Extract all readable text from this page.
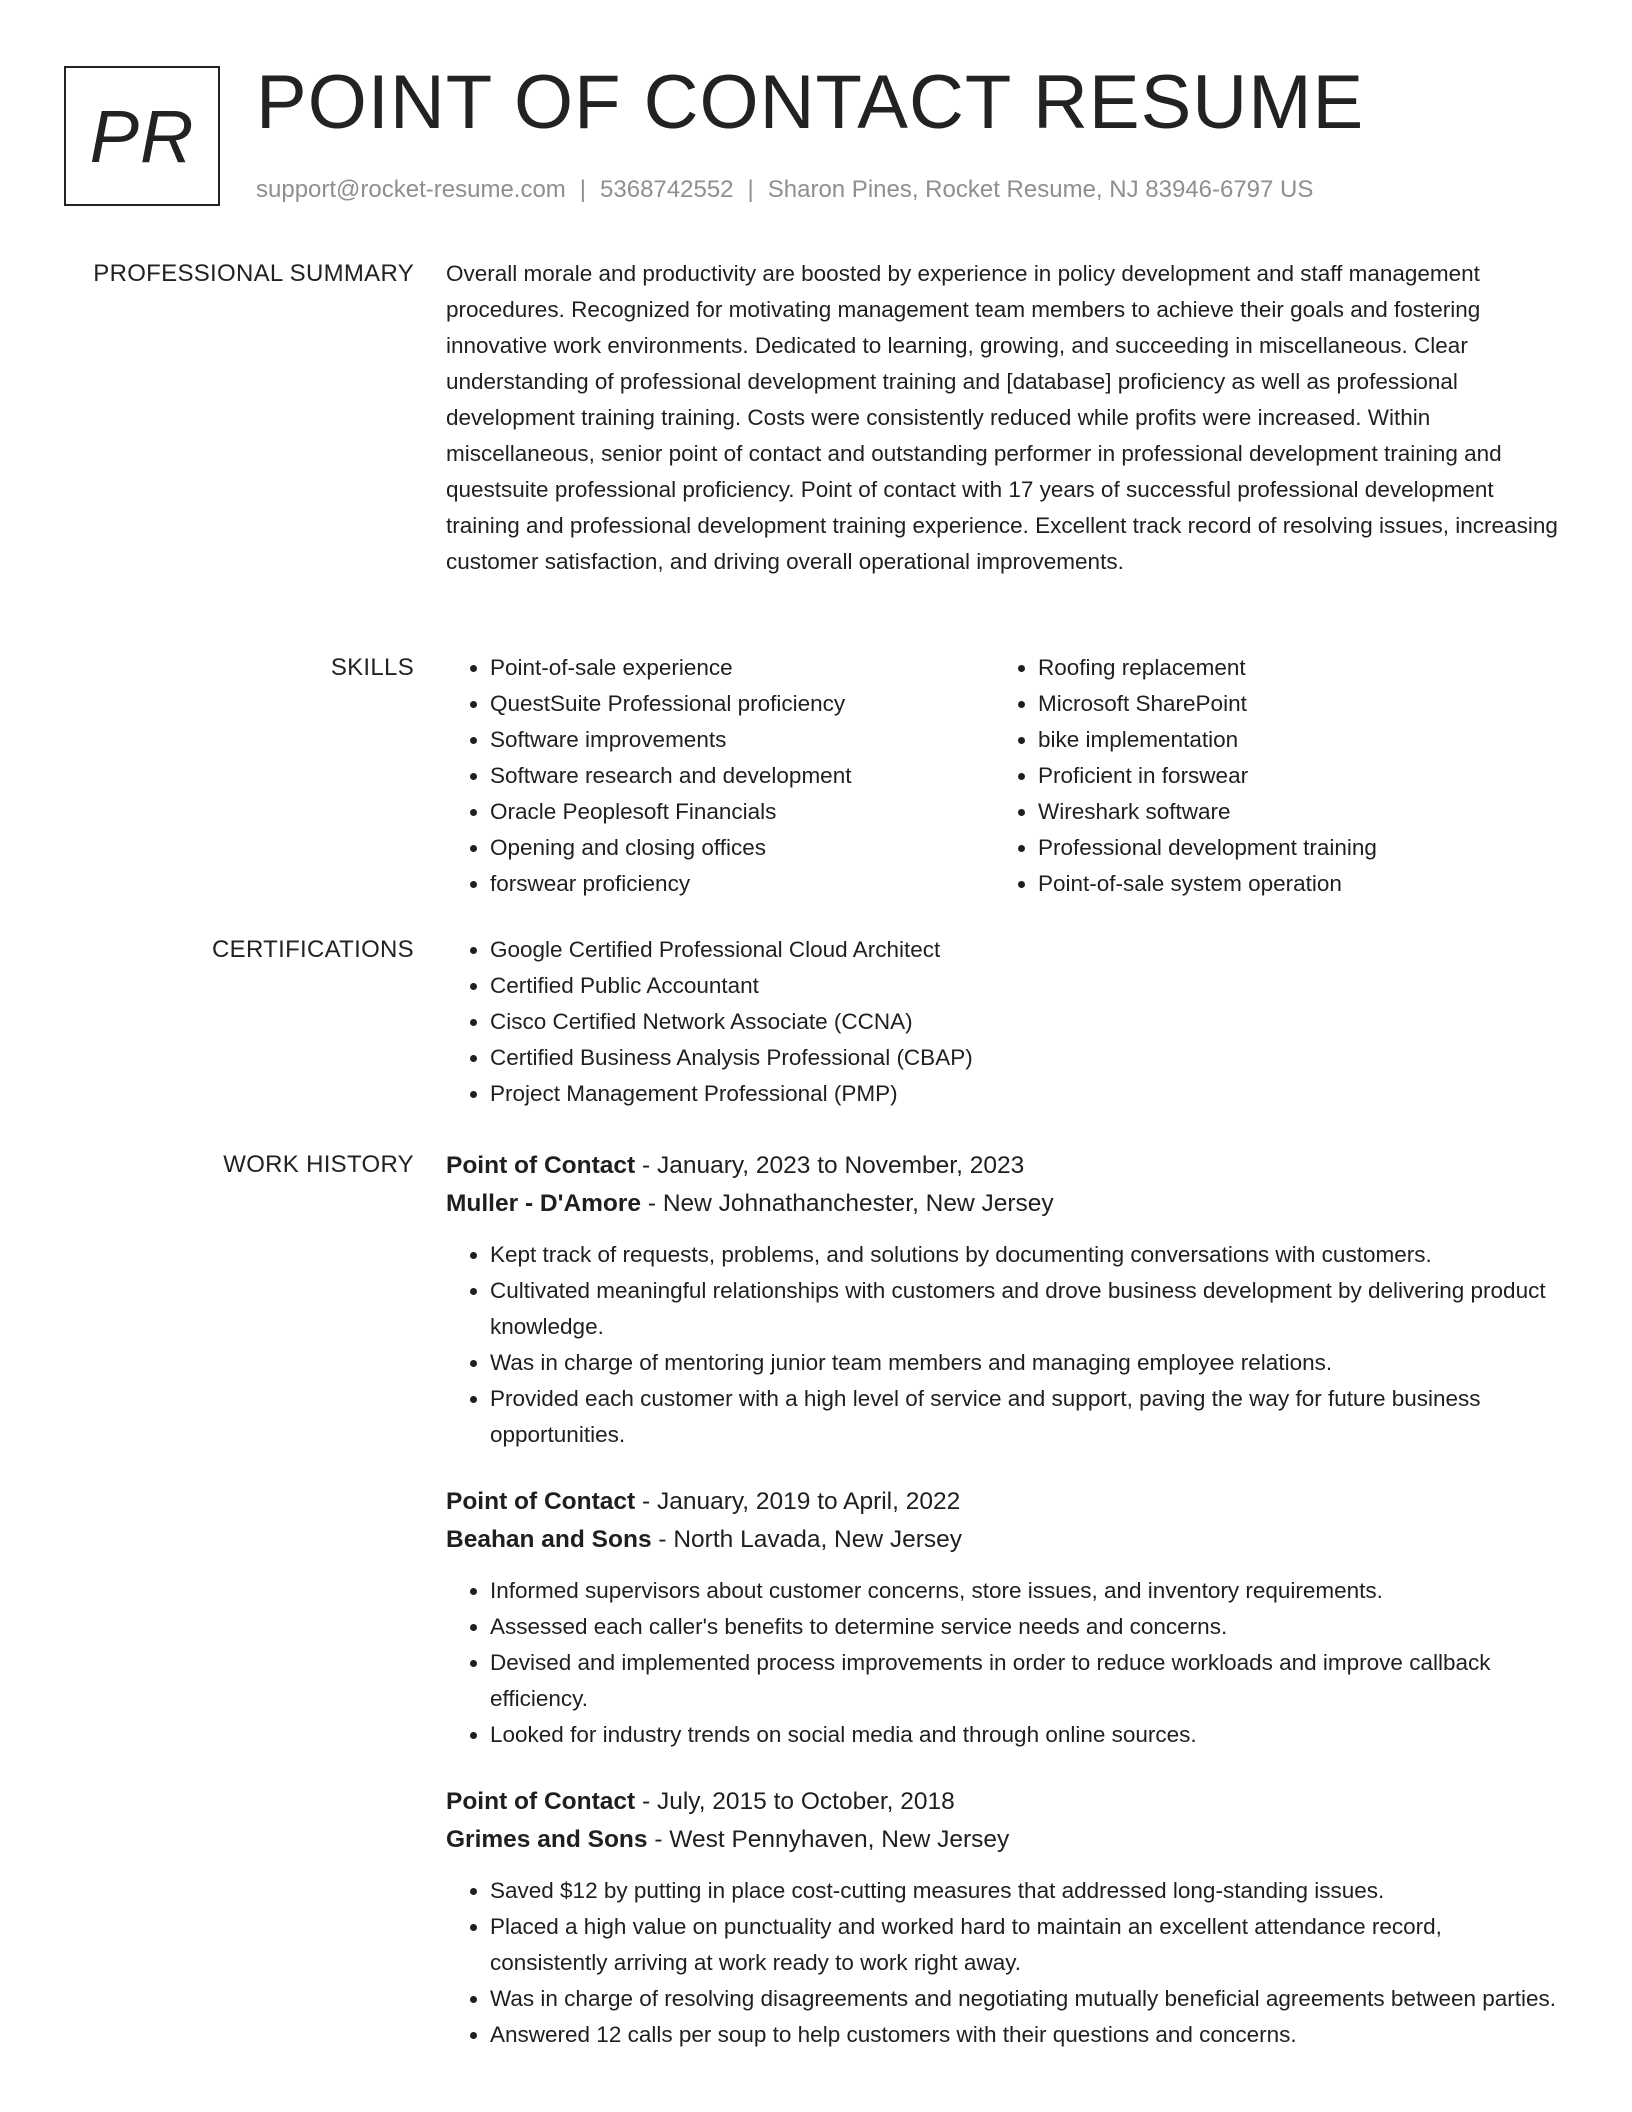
PR POINT OF CONTACT RESUME
support@rocket-resume.com | 5368742552 | Sharon Pines, Rocket Resume, NJ 83946-6797 US
PROFESSIONAL SUMMARY Overall morale and productivity are boosted by experience in policy development and staff management procedures. Recognized for motivating management team members to achieve their goals and fostering innovative work environments. Dedicated to learning, growing, and succeeding in miscellaneous. Clear understanding of professional development training and [database] proficiency as well as professional development training training. Costs were consistently reduced while profits were increased. Within miscellaneous, senior point of contact and outstanding performer in professional development training and questsuite professional proficiency. Point of contact with 17 years of successful professional development training and professional development training experience. Excellent track record of resolving issues, increasing customer satisfaction, and driving overall operational improvements.

SKILLS	• Point-of-sale experience
• QuestSuite Professional proficiency
• Software improvements
• Software research and development
• Oracle Peoplesoft Financials
• Opening and closing offices
• forswear proficiency
• Roofing replacement
• Microsoft SharePoint
• bike implementation
• Proficient in forswear
• Wireshark software
• Professional development training
• Point-of-sale system operation
CERTIFICATIONS	• Google Certified Professional Cloud Architect
• Certified Public Accountant
• Cisco Certified Network Associate (CCNA)
• Certified Business Analysis Professional (CBAP)
• Project Management Professional (PMP)
WORK HISTORY Point of Contact - January, 2023 to November, 2023
Muller - D'Amore - New Johnathanchester, New Jersey
• Kept track of requests, problems, and solutions by documenting conversations with customers.
• Cultivated meaningful relationships with customers and drove business development by delivering product knowledge.
• Was in charge of mentoring junior team members and managing employee relations.
• Provided each customer with a high level of service and support, paving the way for future business opportunities.
Point of Contact - January, 2019 to April, 2022
Beahan and Sons - North Lavada, New Jersey
• Informed supervisors about customer concerns, store issues, and inventory requirements.
• Assessed each caller's benefits to determine service needs and concerns.
• Devised and implemented process improvements in order to reduce workloads and improve callback efficiency.
• Looked for industry trends on social media and through online sources.
Point of Contact - July, 2015 to October, 2018
Grimes and Sons - West Pennyhaven, New Jersey
• Saved $12 by putting in place cost-cutting measures that addressed long-standing issues.
• Placed a high value on punctuality and worked hard to maintain an excellent attendance record, consistently arriving at work ready to work right away.
• Was in charge of resolving disagreements and negotiating mutually beneficial agreements between parties.
• Answered 12 calls per soup to help customers with their questions and concerns.
